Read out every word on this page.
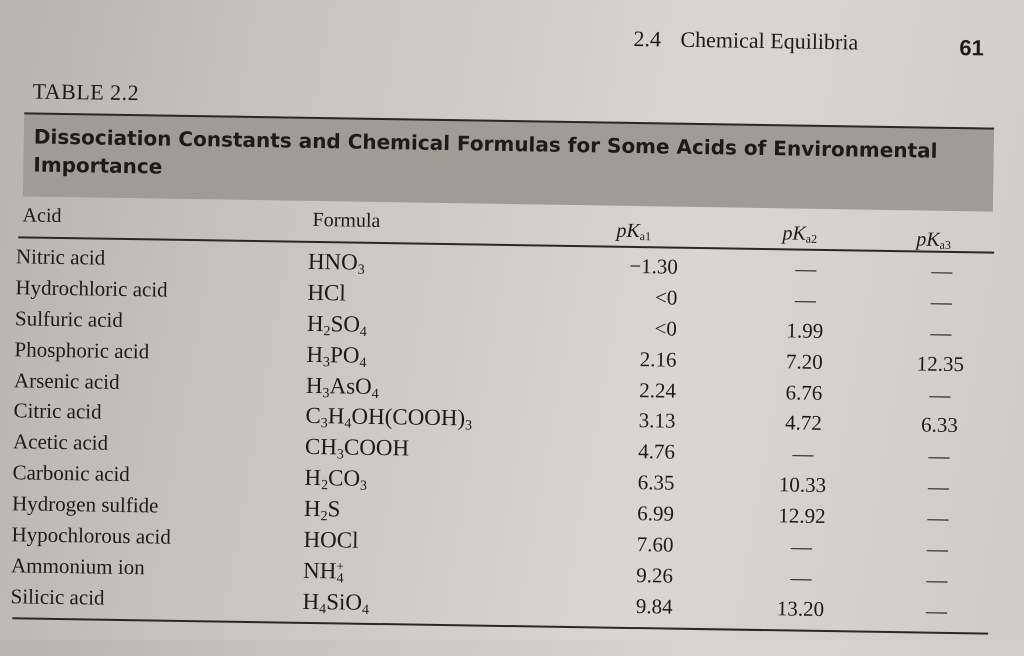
2.4 Chemical Equilibria	61
TABLE 2.2
Dissociation Constants and Chemical Formulas for Some Acids of Environmental Importance
Acid	Formula	$pK_{a1}$	$pK_{a2}$	$pK_{a3}$
Nitric acid	$HNO_3$	−1.30	—	—
Hydrochloric acid	HCl	<0	—	—
Sulfuric acid	$H_2SO_4$	<0	1.99	—
Phosphoric acid	$H_3PO_4$	2.16	7.20	12.35
Arsenic acid	$H_3AsO_4$	2.24	6.76	—
Citric acid	$C_3H_4OH(COOH)_3$	3.13	4.72	6.33
Acetic acid	$CH_3COOH$	4.76	—	—
Carbonic acid	$H_2CO_3$	6.35	10.33	—
Hydrogen sulfide	$H_2S$	6.99	12.92	—
Hypochlorous acid	HOCl	7.60	—	—
Ammonium ion	$NH^+_4$	9.26	—	—
Silicic acid	$H_4SiO_4$	9.84	13.20	—
